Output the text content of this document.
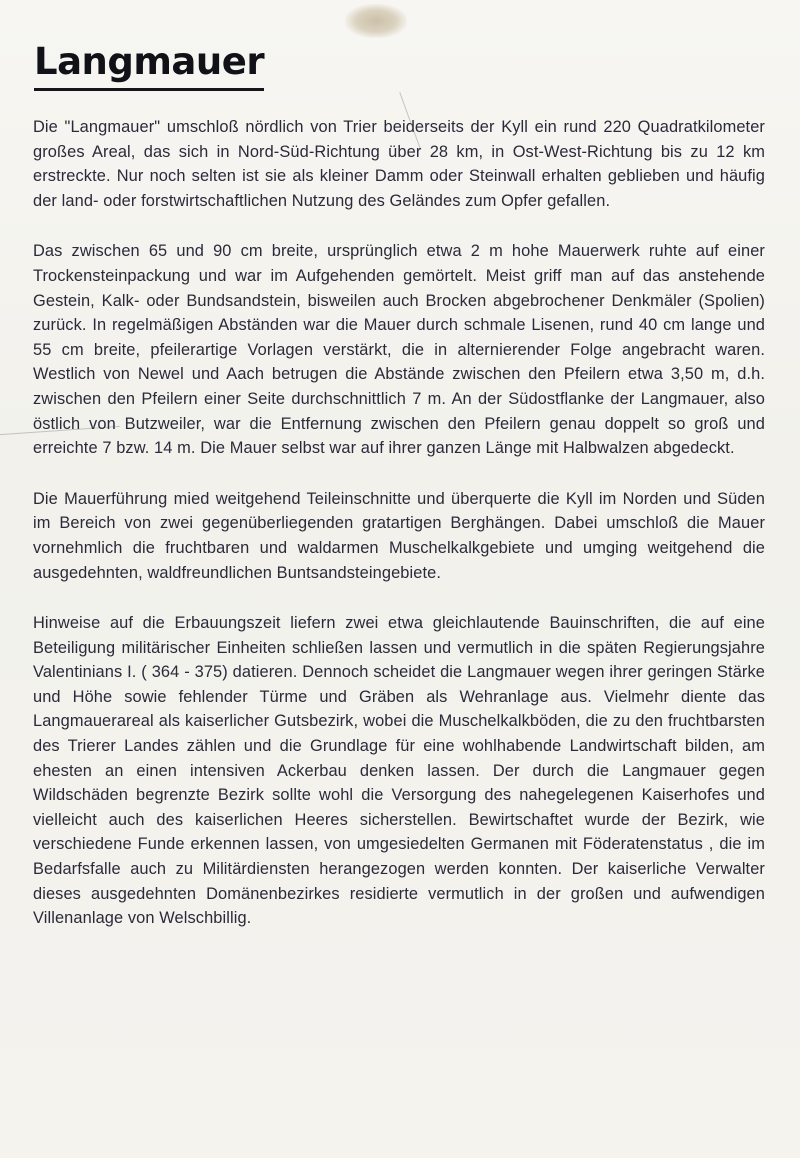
Langmauer

Die "Langmauer" umschloß nördlich von Trier beiderseits der Kyll ein rund 220 Quadratkilometer großes Areal, das sich in Nord-Süd-Richtung über 28 km, in Ost-West-Richtung bis zu 12 km erstreckte. Nur noch selten ist sie als kleiner Damm oder Steinwall erhalten geblieben und häufig der land- oder forstwirtschaftlichen Nutzung des Geländes zum Opfer gefallen.

Das zwischen 65 und 90 cm breite, ursprünglich etwa 2 m hohe Mauerwerk ruhte auf einer Trockensteinpackung und war im Aufgehenden gemörtelt. Meist griff man auf das anstehende Gestein, Kalk- oder Bundsandstein, bisweilen auch Brocken abgebrochener Denkmäler (Spolien) zurück. In regelmäßigen Abständen war die Mauer durch schmale Lisenen, rund 40 cm lange und 55 cm breite, pfeilerartige Vorlagen verstärkt, die in alternierender Folge angebracht waren. Westlich von Newel und Aach betrugen die Abstände zwischen den Pfeilern etwa 3,50 m, d.h. zwischen den Pfeilern einer Seite durchschnittlich 7 m. An der Südostflanke der Langmauer, also östlich von Butzweiler, war die Entfernung zwischen den Pfeilern genau doppelt so groß und erreichte 7 bzw. 14 m. Die Mauer selbst war auf ihrer ganzen Länge mit Halbwalzen abgedeckt.

Die Mauerführung mied weitgehend Teileinschnitte und überquerte die Kyll im Norden und Süden im Bereich von zwei gegenüberliegenden gratartigen Berghängen. Dabei umschloß die Mauer vornehmlich die fruchtbaren und waldarmen Muschelkalkgebiete und umging weitgehend die ausgedehnten, waldfreundlichen Buntsandsteingebiete.

Hinweise auf die Erbauungszeit liefern zwei etwa gleichlautende Bauinschriften, die auf eine Beteiligung militärischer Einheiten schließen lassen und vermutlich in die späten Regierungsjahre Valentinians I. ( 364 - 375) datieren. Dennoch scheidet die Langmauer wegen ihrer geringen Stärke und Höhe sowie fehlender Türme und Gräben als Wehranlage aus. Vielmehr diente das Langmauerareal als kaiserlicher Gutsbezirk, wobei die Muschelkalkböden, die zu den fruchtbarsten des Trierer Landes zählen und die Grundlage für eine wohlhabende Landwirtschaft bilden, am ehesten an einen intensiven Ackerbau denken lassen. Der durch die Langmauer gegen Wildschäden begrenzte Bezirk sollte wohl die Versorgung des nahegelegenen Kaiserhofes und vielleicht auch des kaiserlichen Heeres sicherstellen. Bewirtschaftet wurde der Bezirk, wie verschiedene Funde erkennen lassen, von umgesiedelten Germanen mit Föderatenstatus , die im Bedarfsfalle auch zu Militärdiensten herangezogen werden konnten. Der kaiserliche Verwalter dieses ausgedehnten Domänenbezirkes residierte vermutlich in der großen und aufwendigen Villenanlage von Welschbillig.
